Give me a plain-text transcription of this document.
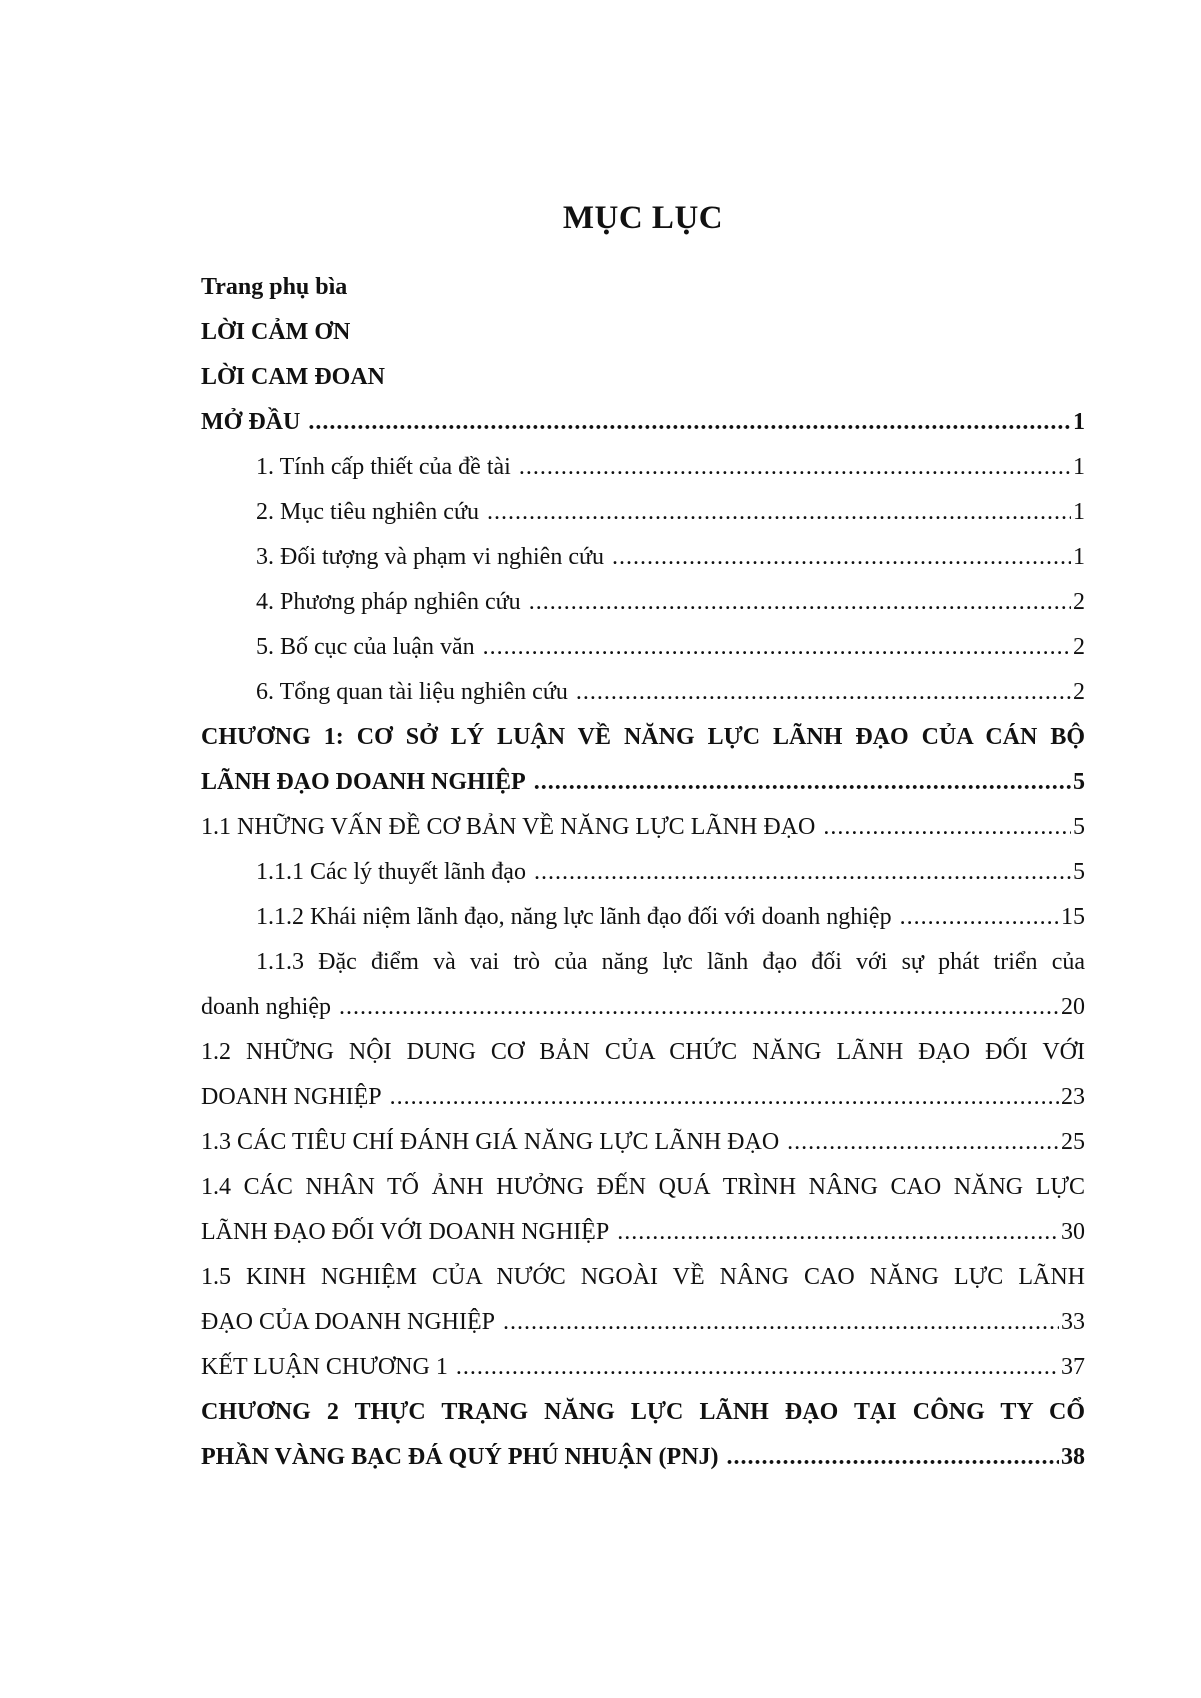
MỤC LỤC
Trang phụ bìa
LỜI CẢM ƠN
LỜI CAM ĐOAN
MỞ ĐẦU .....	1
1. Tính cấp thiết của đề tài .....	1
2. Mục tiêu nghiên cứu .....	1
3. Đối tượng và phạm vi nghiên cứu .....	1
4. Phương pháp nghiên cứu .....	2
5. Bố cục của luận văn .....	2
6. Tổng quan tài liệu nghiên cứu .....	2
CHƯƠNG 1: CƠ SỞ LÝ LUẬN VỀ NĂNG LỰC LÃNH ĐẠO CỦA CÁN BỘ
LÃNH ĐẠO DOANH NGHIỆP .....	5
1.1 NHỮNG VẤN ĐỀ CƠ BẢN VỀ NĂNG LỰC LÃNH ĐẠO .....	5
1.1.1 Các lý thuyết lãnh đạo .....	5
1.1.2 Khái niệm lãnh đạo, năng lực lãnh đạo đối với doanh nghiệp .....	15
1.1.3 Đặc điểm và vai trò của năng lực lãnh đạo đối với sự phát triển của
doanh nghiệp .....	20
1.2 NHỮNG NỘI DUNG CƠ BẢN CỦA CHỨC NĂNG LÃNH ĐẠO ĐỐI VỚI
DOANH NGHIỆP .....	23
1.3 CÁC TIÊU CHÍ ĐÁNH GIÁ NĂNG LỰC LÃNH ĐẠO .....	25
1.4 CÁC NHÂN TỐ ẢNH HƯỞNG ĐẾN QUÁ TRÌNH NÂNG CAO NĂNG LỰC
LÃNH ĐẠO ĐỐI VỚI DOANH NGHIỆP .....	30
1.5 KINH NGHIỆM CỦA NƯỚC NGOÀI VỀ NÂNG CAO NĂNG LỰC LÃNH
ĐẠO CỦA DOANH NGHIỆP .....	33
KẾT LUẬN CHƯƠNG 1 .....	37
CHƯƠNG 2 THỰC TRẠNG NĂNG LỰC LÃNH ĐẠO TẠI CÔNG TY CỔ
PHẦN VÀNG BẠC ĐÁ QUÝ PHÚ NHUẬN (PNJ) .....	38
